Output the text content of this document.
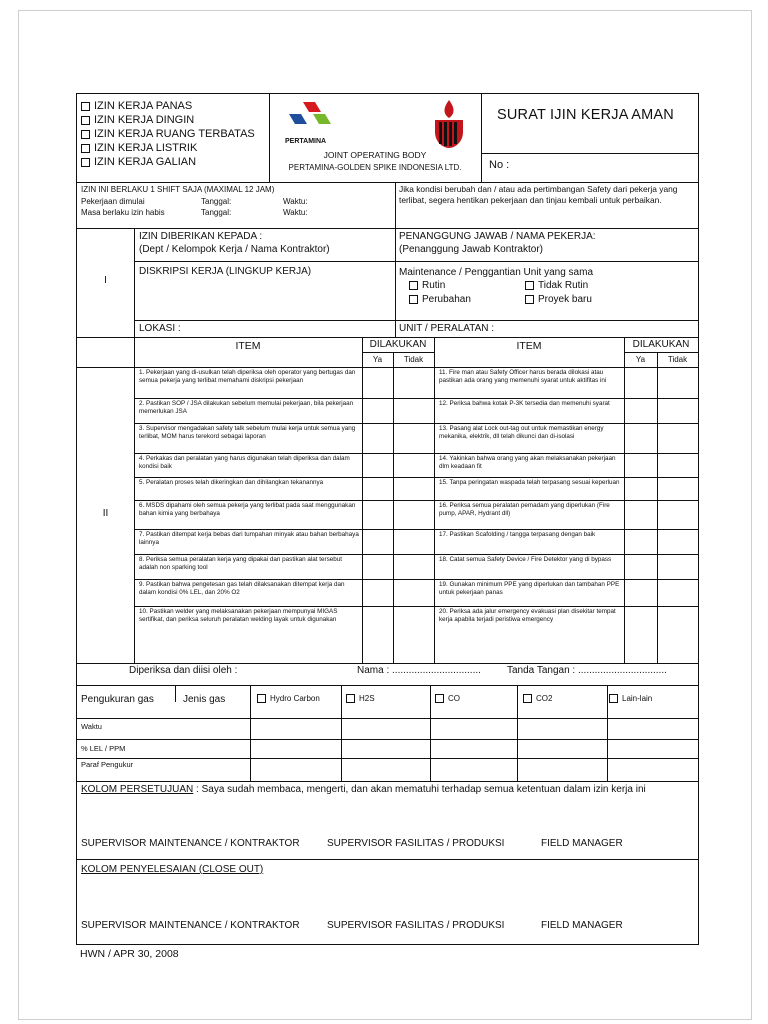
IZIN KERJA PANAS
IZIN KERJA DINGIN
IZIN KERJA RUANG TERBATAS
IZIN KERJA LISTRIK
IZIN KERJA GALIAN
PERTAMINA
JOINT OPERATING BODY
PERTAMINA-GOLDEN SPIKE INDONESIA LTD.
SURAT IJIN KERJA AMAN
No :
IZIN INI BERLAKU 1 SHIFT SAJA (MAXIMAL 12 JAM)
Pekerjaan dimulai	Tanggal:	Waktu:
Masa berlaku izin habis	Tanggal:	Waktu:
Jika kondisi berubah dan / atau ada pertimbangan Safety dari pekerja yang terlibat, segera hentikan pekerjaan dan tinjau kembali untuk perbaikan.
I
IZIN DIBERIKAN KEPADA :
(Dept / Kelompok Kerja / Nama Kontraktor)
PENANGGUNG JAWAB / NAMA PEKERJA:
(Penanggung Jawab Kontraktor)
DISKRIPSI KERJA (LINGKUP KERJA)	Maintenance / Penggantian Unit yang sama
Rutin	Tidak Rutin
Perubahan	Proyek baru
LOKASI :	UNIT / PERALATAN :
ITEM	DILAKUKAN
Ya	Tidak
ITEM	DILAKUKAN
Ya	Tidak
II
1. Pekerjaan yang di-usulkan telah diperiksa oleh operator yang bertugas dan semua pekerja yang terlibat memahami diskripsi pekerjaan
11. Fire man atau Safety Officer harus berada dilokasi atau pastikan ada orang yang memenuhi syarat untuk aktifitas ini
2. Pastikan SOP / JSA dilakukan sebelum memulai pekerjaan, bila pekerjaan memerlukan JSA
12. Periksa bahwa kotak P-3K tersedia dan memenuhi syarat
3. Supervisor mengadakan safety talk sebelum mulai kerja untuk semua yang terlibat, MOM harus terekord sebagai laporan
13. Pasang alat Lock out-tag out untuk memastikan energy mekanika, elektrik, dll telah dikunci dan di-isolasi
4. Perkakas dan peralatan yang harus digunakan telah diperiksa dan dalam kondisi baik
14. Yakinkan bahwa orang yang akan melaksanakan pekerjaan dlm keadaan fit
5. Peralatan proses telah dikeringkan dan dihilangkan tekanannya	15. Tanpa peringatan waspada telah terpasang sesuai keperluan
6. MSDS dipahami oleh semua pekerja yang terlibat pada saat menggunakan bahan kimia yang berbahaya
16. Periksa semua peralatan pemadam yang diperlukan (Fire pump, APAR, Hydrant dll)
7. Pastikan ditempat kerja bebas dari tumpahan minyak atau bahan berbahaya lainnya
17. Pastikan Scafolding / tangga terpasang dengan baik
8. Periksa semua peralatan kerja yang dipakai dan pastikan alat tersebut adalah non sparking tool
18. Catat semua Safety Device / Fire Detektor yang di bypass
9. Pastikan bahwa pengetesan gas telah dilaksanakan ditempat kerja dan dalam kondisi 0% LEL, dan 20% O2
19. Gunakan minimum PPE yang diperlukan dan tambahan PPE untuk pekerjaan panas
10. Pastikan welder yang melaksanakan pekerjaan mempunyai MIGAS sertifikat, dan periksa seluruh peralatan welding layak untuk digunakan
20. Periksa ada jalur emergency evakuasi plan disekitar tempat kerja apabila terjadi peristiwa emergency
Diperiksa dan diisi oleh :	Nama : ................................	Tanda Tangan : ................................
Pengukuran gas	Jenis gas	Hydro Carbon	H2S	CO	CO2	Lain-lain
Waktu
% LEL / PPM
Paraf Pengukur
KOLOM PERSETUJUAN : Saya sudah membaca, mengerti, dan akan mematuhi terhadap semua ketentuan dalam izin kerja ini
SUPERVISOR MAINTENANCE / KONTRAKTOR	SUPERVISOR FASILITAS / PRODUKSI	FIELD MANAGER
KOLOM PENYELESAIAN (CLOSE OUT)
SUPERVISOR MAINTENANCE / KONTRAKTOR	SUPERVISOR FASILITAS / PRODUKSI	FIELD MANAGER
HWN / APR 30, 2008
